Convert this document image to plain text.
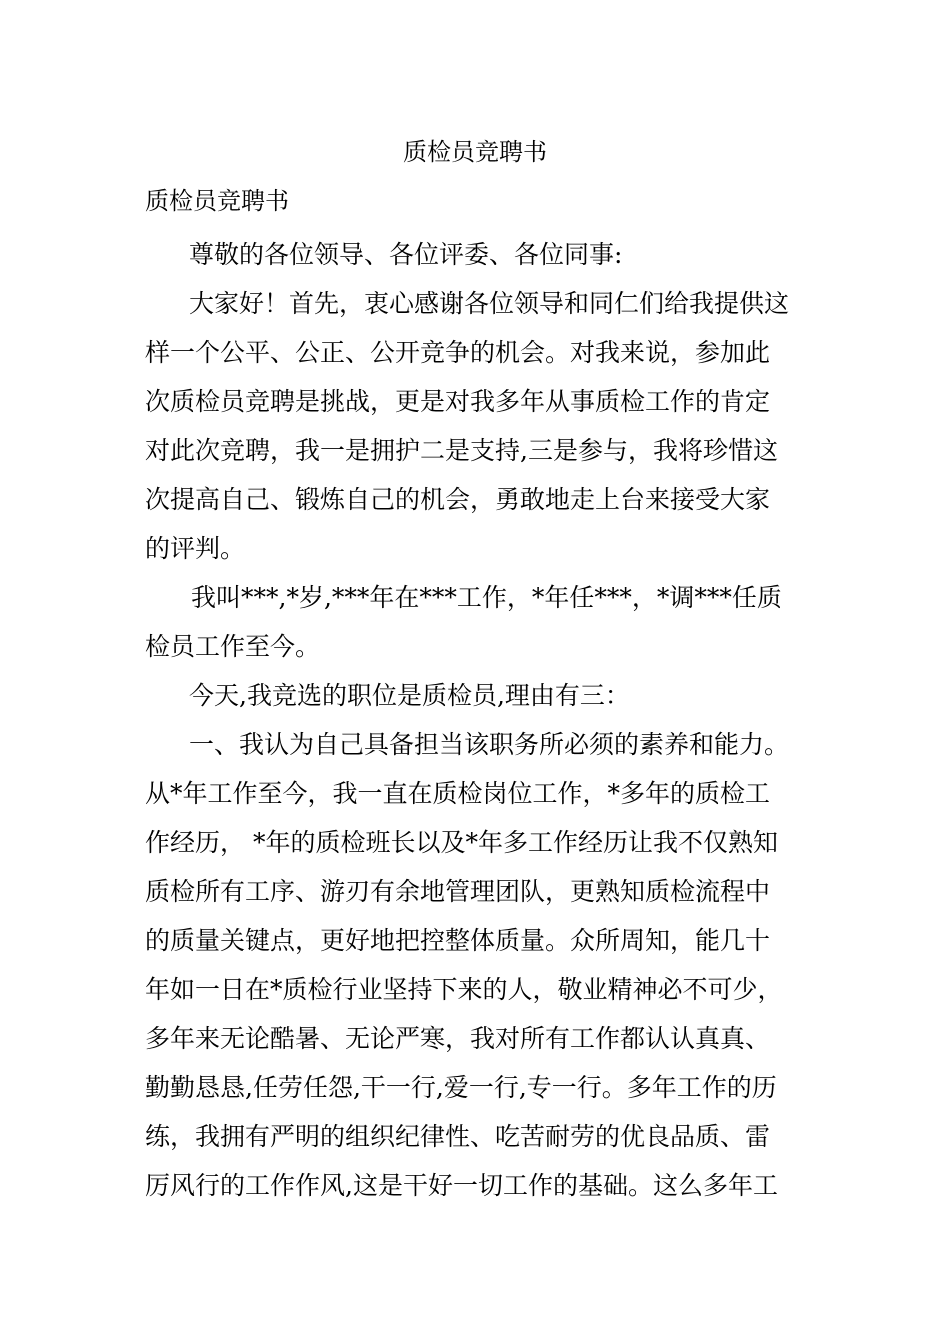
质检员竞聘书
质检员竞聘书
尊敬的各位领导、各位评委、各位同事:
大家好！首先，衷心感谢各位领导和同仁们给我提供这
样一个公平、公正、公开竞争的机会。对我来说，参加此
次质检员竞聘是挑战，更是对我多年从事质检工作的肯定
对此次竞聘，我一是拥护二是支持,三是参与，我将珍惜这
次提高自己、锻炼自己的机会，勇敢地走上台来接受大家
的评判。
我叫***,*岁,***年在***工作，*年任***，*调***任质
检员工作至今。
今天,我竞选的职位是质检员,理由有三：
一、我认为自己具备担当该职务所必须的素养和能力。
从*年工作至今，我一直在质检岗位工作，*多年的质检工
作经历， *年的质检班长以及*年多工作经历让我不仅熟知
质检所有工序、游刃有余地管理团队，更熟知质检流程中
的质量关键点，更好地把控整体质量。众所周知，能几十
年如一日在*质检行业坚持下来的人，敬业精神必不可少，
多年来无论酷暑、无论严寒，我对所有工作都认认真真、
勤勤恳恳,任劳任怨,干一行,爱一行,专一行。多年工作的历
练，我拥有严明的组织纪律性、吃苦耐劳的优良品质、雷
厉风行的工作作风,这是干好一切工作的基础。这么多年工
